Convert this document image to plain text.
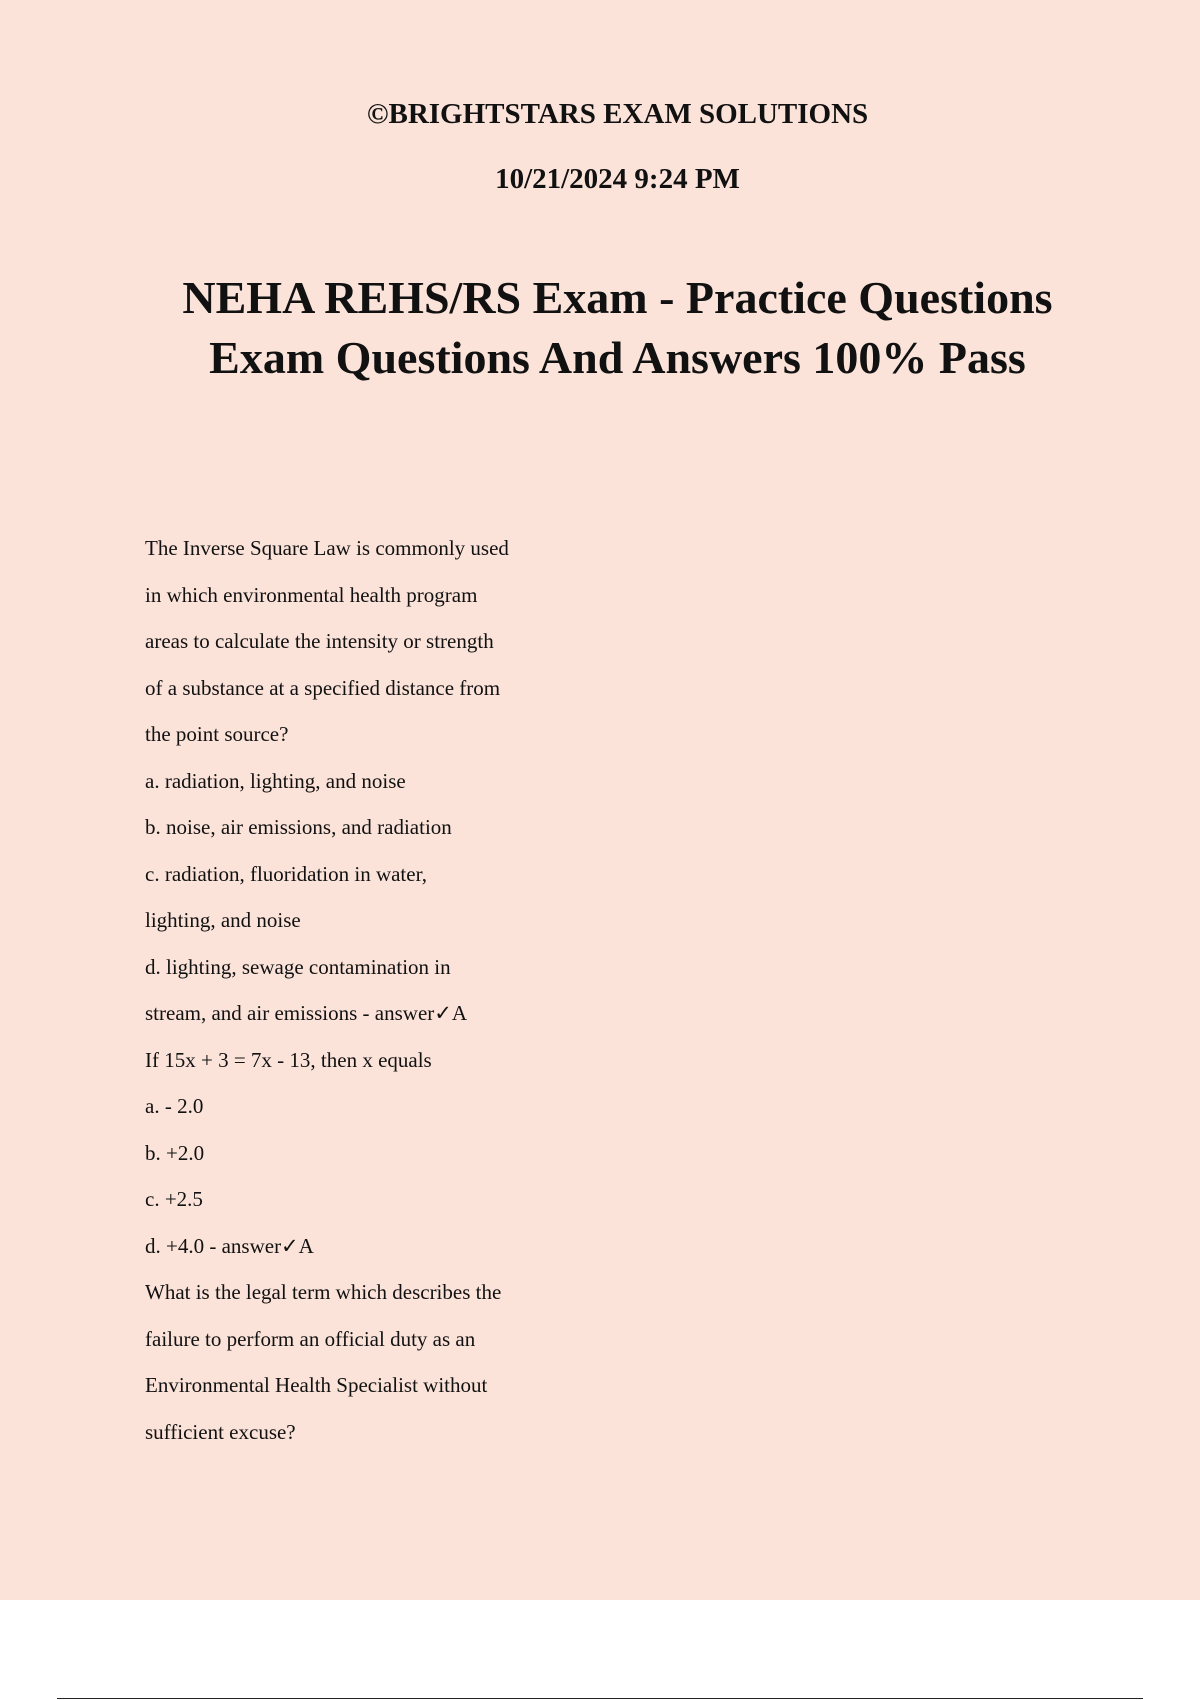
©BRIGHTSTARS EXAM SOLUTIONS
10/21/2024 9:24 PM
NEHA REHS/RS Exam - Practice Questions
Exam Questions And Answers 100% Pass
The Inverse Square Law is commonly used
in which environmental health program
areas to calculate the intensity or strength
of a substance at a specified distance from
the point source?
a. radiation, lighting, and noise
b. noise, air emissions, and radiation
c. radiation, fluoridation in water,
lighting, and noise
d. lighting, sewage contamination in
stream, and air emissions - answer✓A
If 15x + 3 = 7x - 13, then x equals
a. - 2.0
b. +2.0
c. +2.5
d. +4.0 - answer✓A
What is the legal term which describes the
failure to perform an official duty as an
Environmental Health Specialist without
sufficient excuse?
